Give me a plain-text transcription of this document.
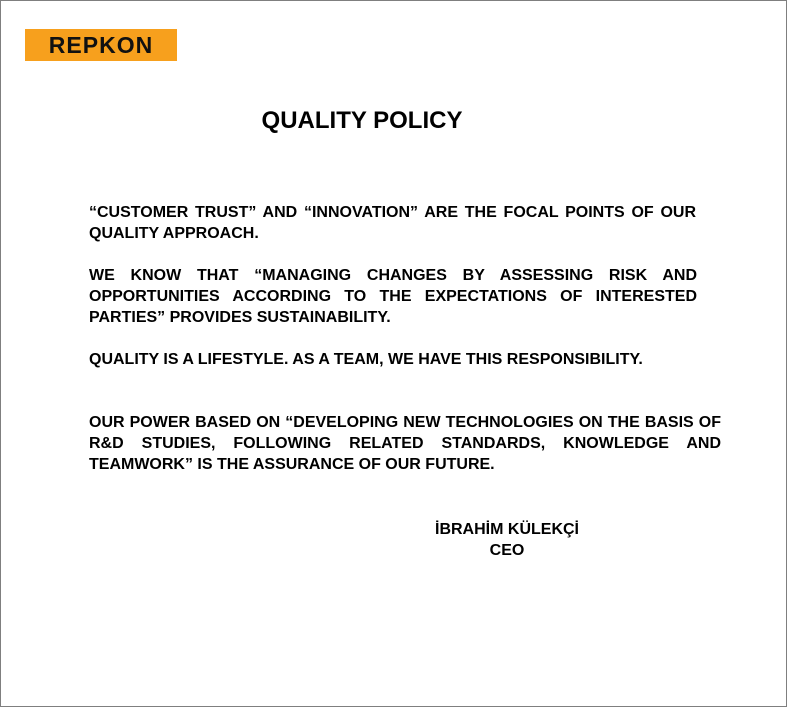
REPKON
QUALITY POLICY

“CUSTOMER TRUST” AND “INNOVATION” ARE THE FOCAL POINTS OF OUR QUALITY APPROACH.

WE KNOW THAT “MANAGING CHANGES BY ASSESSING RISK AND OPPORTUNITIES ACCORDING TO THE EXPECTATIONS OF INTERESTED PARTIES” PROVIDES SUSTAINABILITY.

QUALITY IS A LIFESTYLE. AS A TEAM, WE HAVE THIS RESPONSIBILITY.

OUR POWER BASED ON “DEVELOPING NEW TECHNOLOGIES ON THE BASIS OF R&D STUDIES, FOLLOWING RELATED STANDARDS, KNOWLEDGE AND TEAMWORK” IS THE ASSURANCE OF OUR FUTURE.

İBRAHİM KÜLEKÇİ
CEO
